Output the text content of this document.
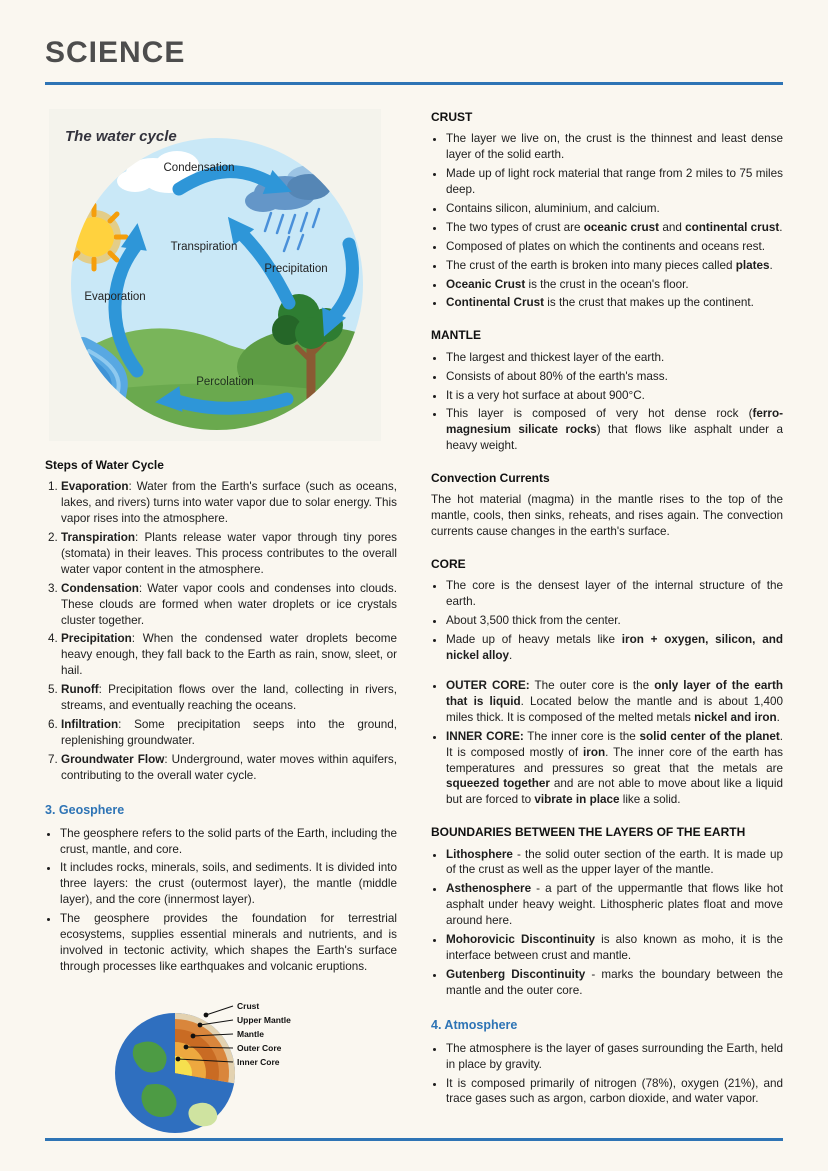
SCIENCE
The water cycle
Condensation
Transpiration
Precipitation
Evaporation
Percolation
Steps of Water Cycle
1. Evaporation: Water from the Earth's surface (such as oceans, lakes, and rivers) turns into water vapor due to solar energy. This vapor rises into the atmosphere.
2. Transpiration: Plants release water vapor through tiny pores (stomata) in their leaves. This process contributes to the overall water vapor content in the atmosphere.
3. Condensation: Water vapor cools and condenses into clouds. These clouds are formed when water droplets or ice crystals cluster together.
4. Precipitation: When the condensed water droplets become heavy enough, they fall back to the Earth as rain, snow, sleet, or hail.
5. Runoff: Precipitation flows over the land, collecting in rivers, streams, and eventually reaching the oceans.
6. Infiltration: Some precipitation seeps into the ground, replenishing groundwater.
7. Groundwater Flow: Underground, water moves within aquifers, contributing to the overall water cycle.
3. Geosphere
• The geosphere refers to the solid parts of the Earth, including the crust, mantle, and core.
• It includes rocks, minerals, soils, and sediments. It is divided into three layers: the crust (outermost layer), the mantle (middle layer), and the core (innermost layer).
• The geosphere provides the foundation for terrestrial ecosystems, supplies essential minerals and nutrients, and is involved in tectonic activity, which shapes the Earth's surface through processes like earthquakes and volcanic eruptions.
Crust
Upper Mantle
Mantle
Outer Core
Inner Core
CRUST
• The layer we live on, the crust is the thinnest and least dense layer of the solid earth.
• Made up of light rock material that range from 2 miles to 75 miles deep.
• Contains silicon, aluminium, and calcium.
• The two types of crust are oceanic crust and continental crust.
• Composed of plates on which the continents and oceans rest.
• The crust of the earth is broken into many pieces called plates.
• Oceanic Crust is the crust in the ocean's floor.
• Continental Crust is the crust that makes up the continent.
MANTLE
• The largest and thickest layer of the earth.
• Consists of about 80% of the earth's mass.
• It is a very hot surface at about 900°C.
• This layer is composed of very hot dense rock (ferro-magnesium silicate rocks) that flows like asphalt under a heavy weight.
Convection Currents

The hot material (magma) in the mantle rises to the top of the mantle, cools, then sinks, reheats, and rises again. The convection currents cause changes in the earth's surface.

CORE
• The core is the densest layer of the internal structure of the earth.
• About 3,500 thick from the center.
• Made up of heavy metals like iron + oxygen, silicon, and nickel alloy.
• OUTER CORE: The outer core is the only layer of the earth that is liquid. Located below the mantle and is about 1,400 miles thick. It is composed of the melted metals nickel and iron.
• INNER CORE: The inner core is the solid center of the planet. It is composed mostly of iron. The inner core of the earth has temperatures and pressures so great that the metals are squeezed together and are not able to move about like a liquid but are forced to vibrate in place like a solid.
BOUNDARIES BETWEEN THE LAYERS OF THE EARTH
• Lithosphere - the solid outer section of the earth. It is made up of the crust as well as the upper layer of the mantle.
• Asthenosphere - a part of the uppermantle that flows like hot asphalt under heavy weight. Lithospheric plates float and move around here.
• Mohorovicic Discontinuity is also known as moho, it is the interface between crust and mantle.
• Gutenberg Discontinuity - marks the boundary between the mantle and the outer core.
4. Atmosphere
• The atmosphere is the layer of gases surrounding the Earth, held in place by gravity.
• It is composed primarily of nitrogen (78%), oxygen (21%), and trace gases such as argon, carbon dioxide, and water vapor.
